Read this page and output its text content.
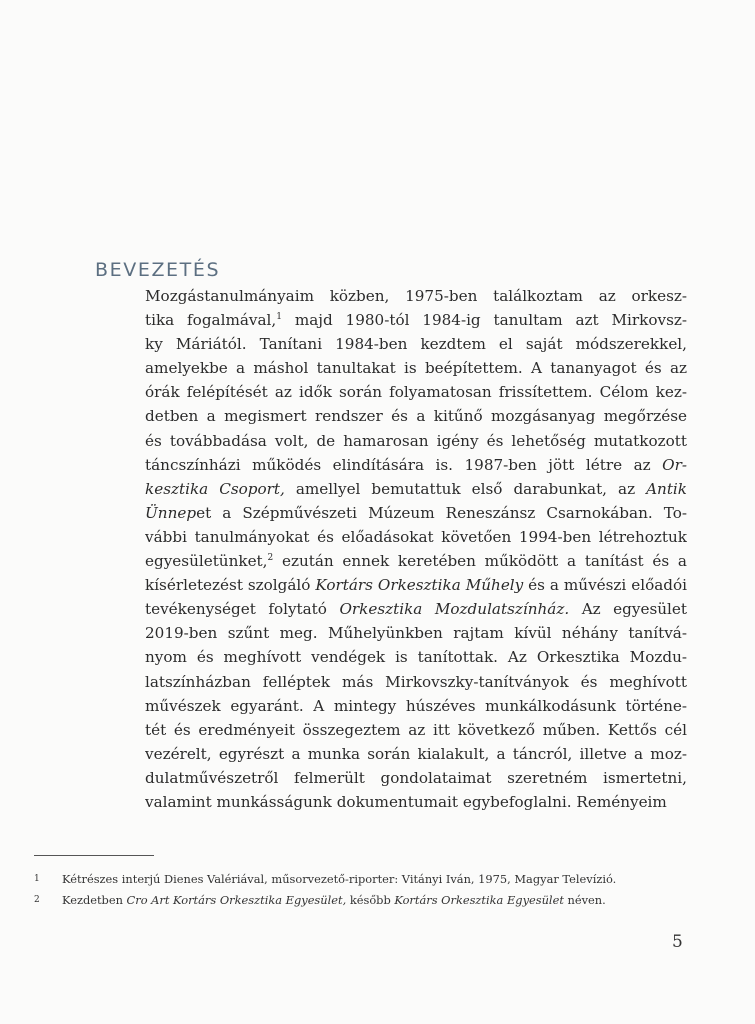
BEVEZETÉS
Mozgástanulmányaim közben, 1975-ben találkoztam az orkesz-
tika fogalmával,$^1$ majd 1980-tól 1984-ig tanultam azt Mirkovsz-
ky Máriától. Tanítani 1984-ben kezdtem el saját módszerekkel,
amelyekbe a máshol tanultakat is beépítettem. A tananyagot és az
órák felépítését az idők során folyamatosan frissítettem. Célom kez-
detben a megismert rendszer és a kitűnő mozgásanyag megőrzése
és továbbadása volt, de hamarosan igény és lehetőség mutatkozott
táncszínházi működés elindítására is. 1987-ben jött létre az Or-
kesztika Csoport, amellyel bemutattuk első darabunkat, az Antik
Ünnepet a Szépművészeti Múzeum Reneszánsz Csarnokában. To-
vábbi tanulmányokat és előadásokat követően 1994-ben létrehoztuk
egyesületünket,$^2$ ezután ennek keretében működött a tanítást és a
kísérletezést szolgáló Kortárs Orkesztika Műhely és a művészi előadói
tevékenységet folytató Orkesztika Mozdulatszínház. Az egyesület
2019-ben szűnt meg. Műhelyünkben rajtam kívül néhány tanítvá-
nyom és meghívott vendégek is tanítottak. Az Orkesztika Mozdu-
latszínházban felléptek más Mirkovszky-tanítványok és meghívott
művészek egyaránt. A mintegy húszéves munkálkodásunk történe-
tét és eredményeit összegeztem az itt következő műben. Kettős cél
vezérelt, egyrészt a munka során kialakult, a táncról, illetve a moz-
dulatművészetről felmerült gondolataimat szeretném ismertetni,
valamint munkásságunk dokumentumait egybefoglalni. Reményeim
1 Kétrészes interjú Dienes Valériával, műsorvezető-riporter: Vitányi Iván, 1975, Magyar Televízió.
2 Kezdetben Cro Art Kortárs Orkesztika Egyesület, később Kortárs Orkesztika Egyesület néven.
5
